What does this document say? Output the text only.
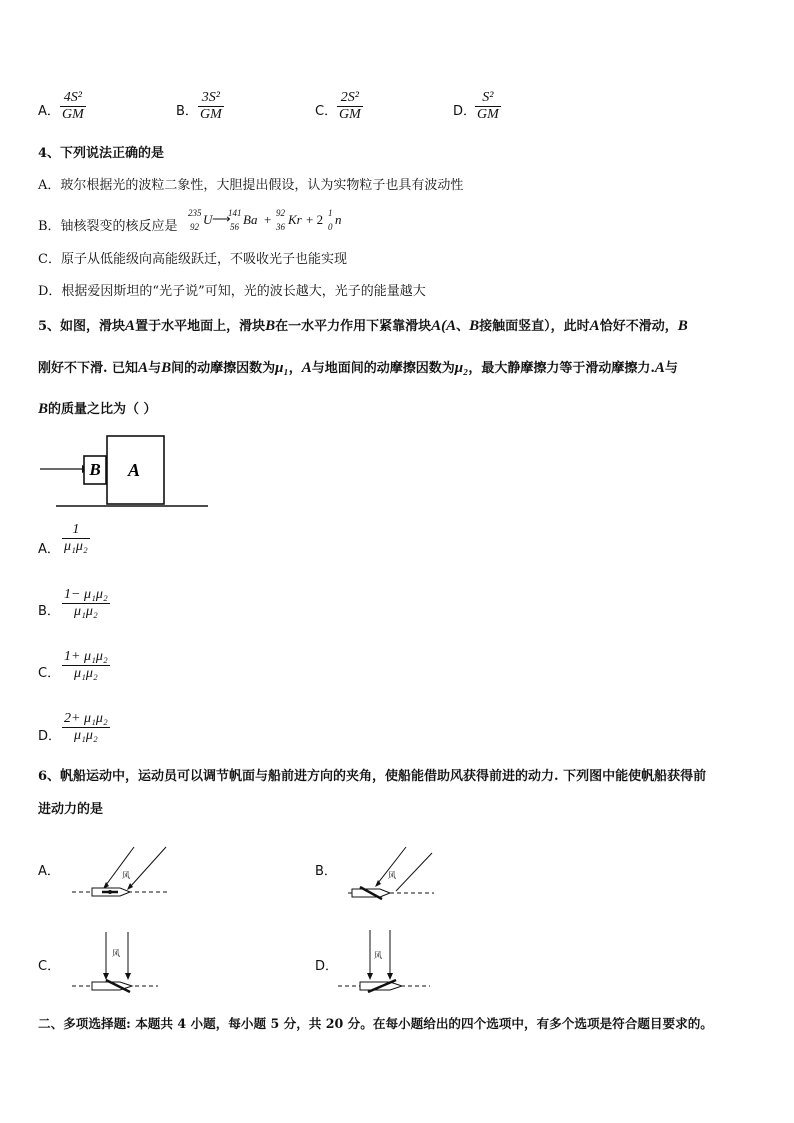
A． $\frac{\text{4S²}}{GM}$	B． $\frac{\text{3S²}}{GM}$	C． $\frac{\text{2S²}}{GM}$	D．
$\frac{\text{S²}}{GM}$
4、下列说法正确的是
A．玻尔根据光的波粒二象性，大胆提出假设，认为实物粒子也具有波动性
B．铀核裂变的核反应是
235
92 U ⟶
141
56 Ba + 92
36 Kr + 2 1
0 n
C．原子从低能级向高能级跃迁，不吸收光子也能实现
D．根据爱因斯坦的“光子说”可知，光的波长越大，光子的能量越大
5、如图，滑块A置于水平地面上，滑块B在一水平力作用下紧靠滑块A(A、B接触面竖直），此时A恰好不滑动，B
刚好不下滑. 已知A与B间的动摩擦因数为μ₁，A与地面间的动摩擦因数为μ₂，最大静摩擦力等于滑动摩擦力.A与
B的质量之比为（ ）
B A
A． $\frac{1}{\text{μ₁μ₂}}$
B． $\frac{\text{1− μ₁μ₂}}{\text{μ₁μ₂}}$
C． $\frac{\text{1+ μ₁μ₂}}{\text{μ₁μ₂}}$
D． $\frac{\text{2+ μ₁μ₂}}{\text{μ₁μ₂}}$
6、帆船运动中，运动员可以调节帆面与船前进方向的夹角，使船能借助风获得前进的动力. 下列图中能使帆船获得前
进动力的是
A．	风	B．	风
C．
风
D．
风
二、多项选择题: 本题共 4 小题，每小题 5 分，共 20 分。在每小题给出的四个选项中，有多个选项是符合题目要求的。
